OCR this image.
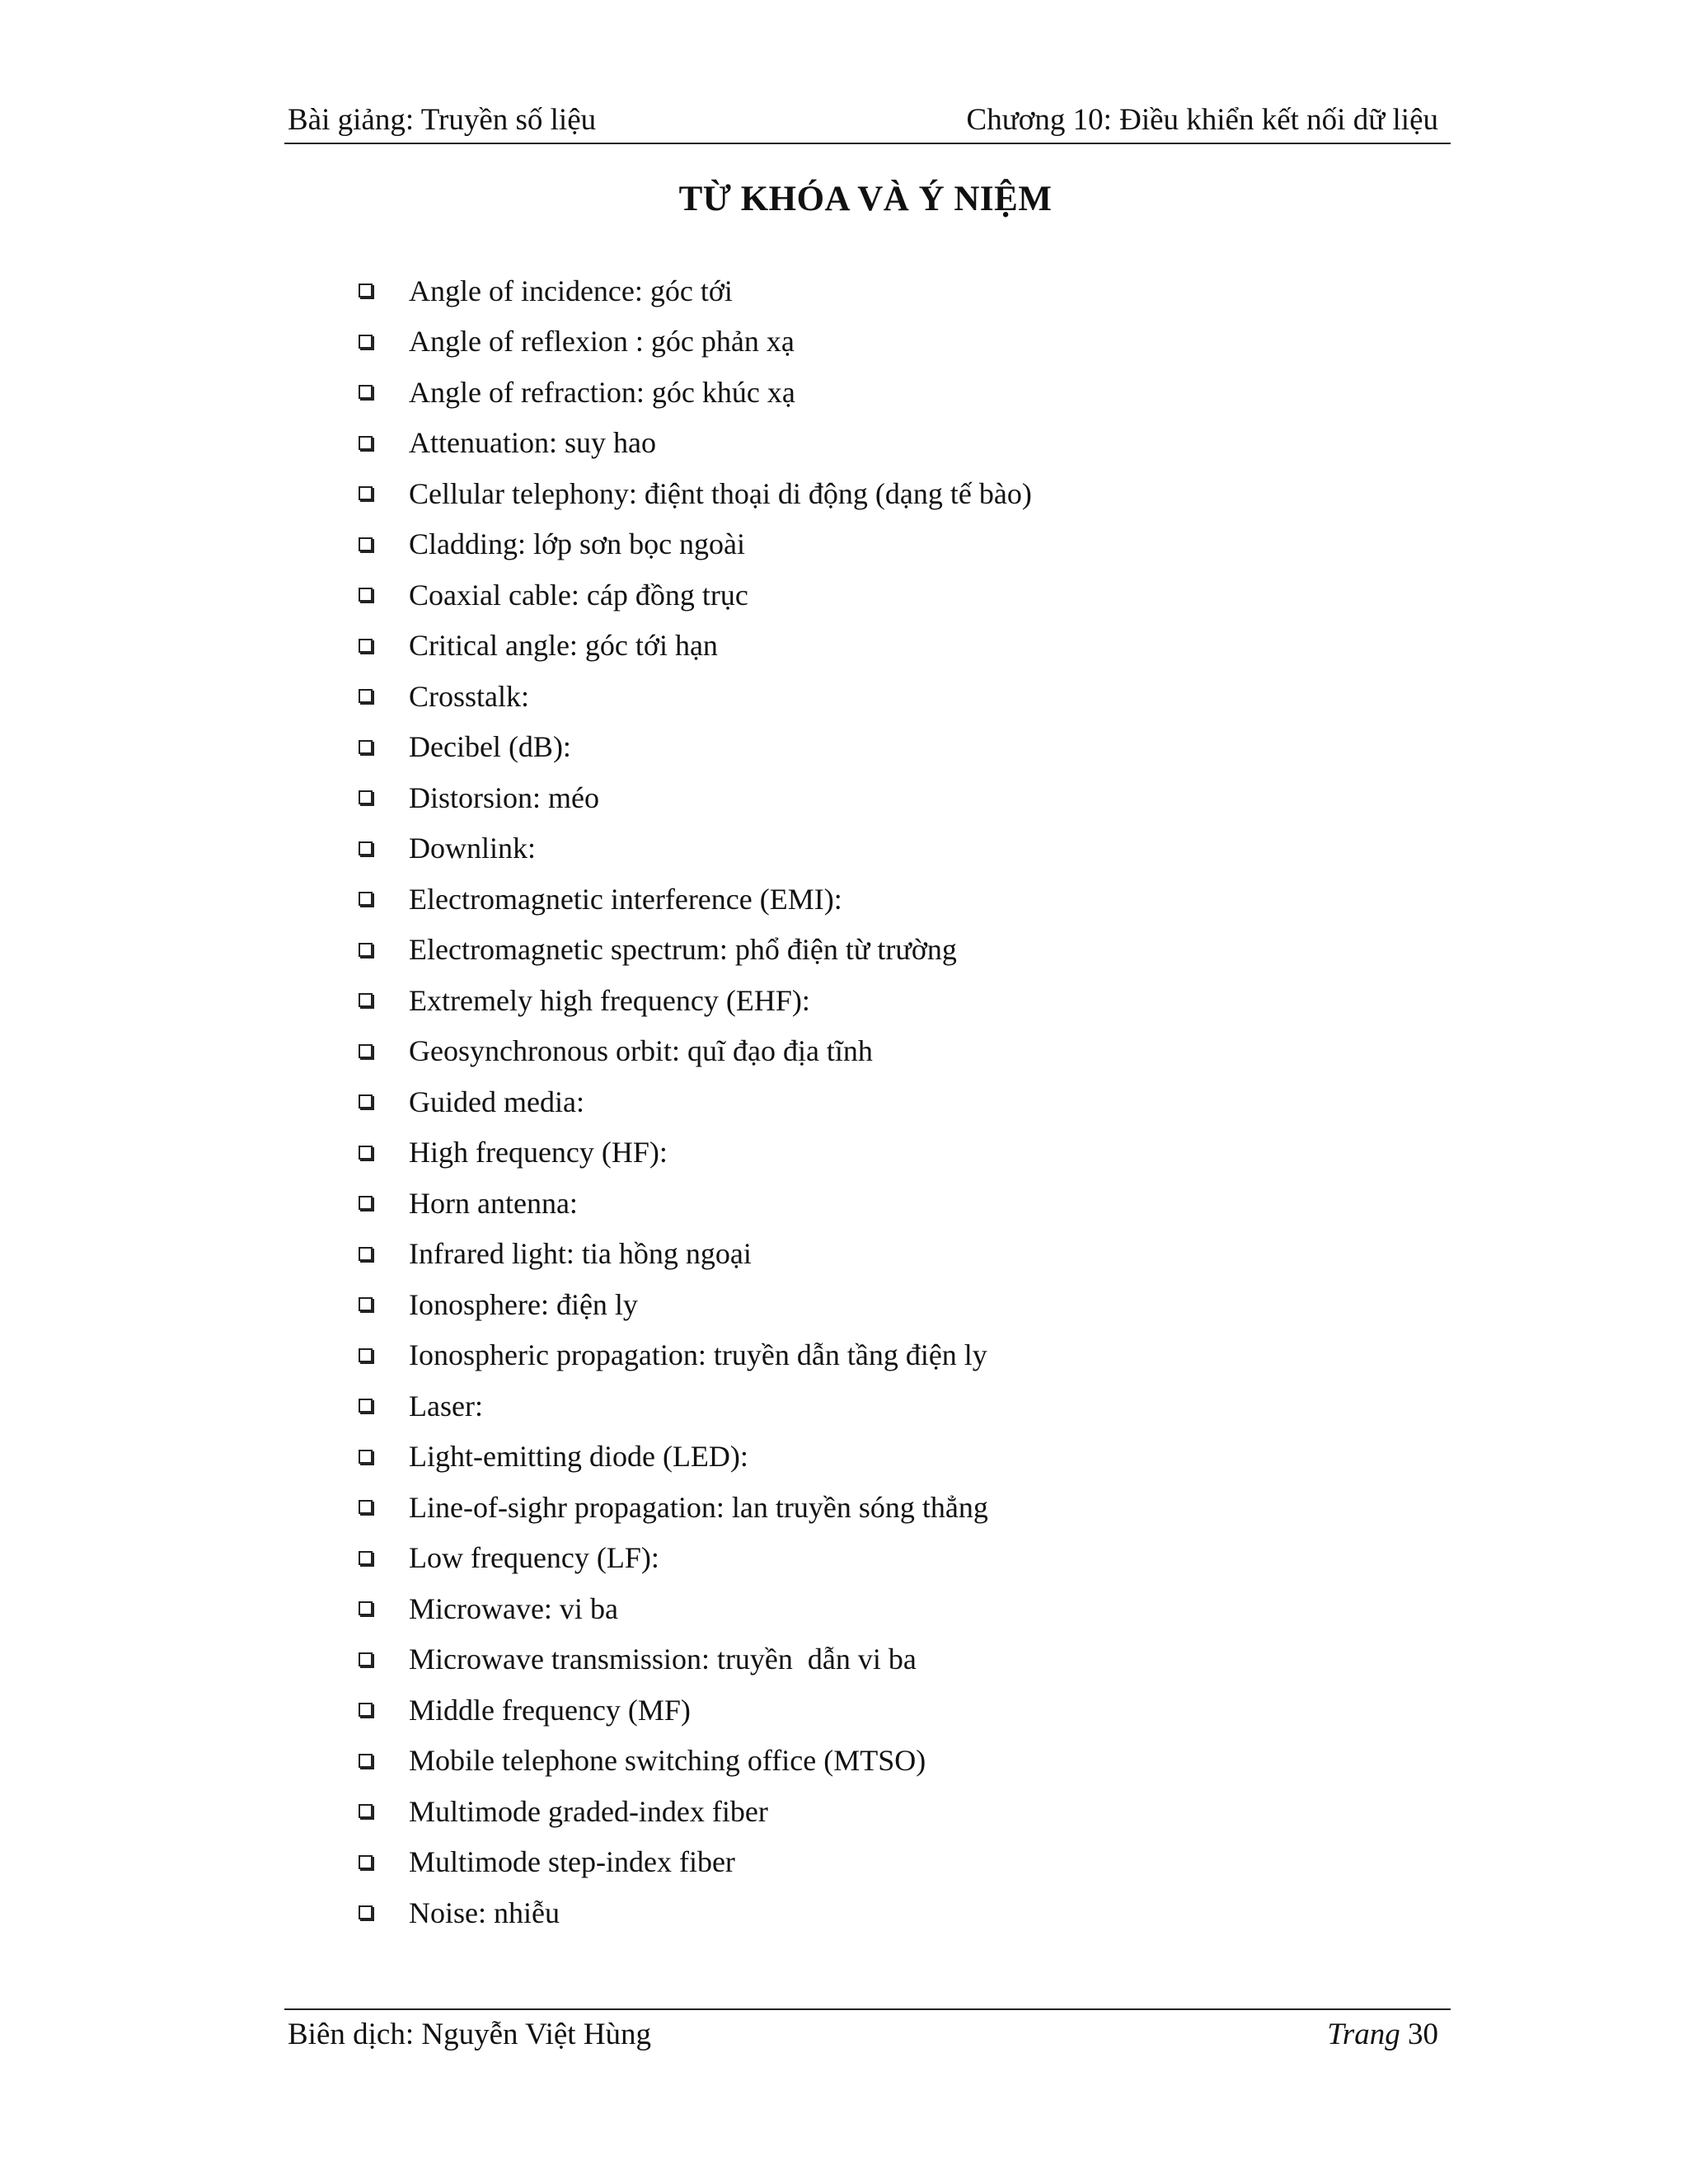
Bài giảng: Truyền số liệu	Chương 10: Điều khiển kết nối dữ liệu
TỪ KHÓA VÀ Ý NIỆM
Angle of incidence: góc tới
Angle of reflexion : góc phản xạ
Angle of refraction: góc khúc xạ
Attenuation: suy hao
Cellular telephony: điệnt thoại di động (dạng tế bào)
Cladding: lớp sơn bọc ngoài
Coaxial cable: cáp đồng trục
Critical angle: góc tới hạn
Crosstalk:
Decibel (dB):
Distorsion: méo
Downlink:
Electromagnetic interference (EMI):
Electromagnetic spectrum: phổ điện từ trường
Extremely high frequency (EHF):
Geosynchronous orbit: quĩ đạo địa tĩnh
Guided media:
High frequency (HF):
Horn antenna:
Infrared light: tia hồng ngoại
Ionosphere: điện ly
Ionospheric propagation: truyền dẫn tầng điện ly
Laser:
Light-emitting diode (LED):
Line-of-sighr propagation: lan truyền sóng thẳng
Low frequency (LF):
Microwave: vi ba
Microwave transmission: truyền  dẫn vi ba
Middle frequency (MF)
Mobile telephone switching office (MTSO)
Multimode graded-index fiber
Multimode step-index fiber
Noise: nhiễu
Biên dịch: Nguyễn Việt Hùng	Trang 30
